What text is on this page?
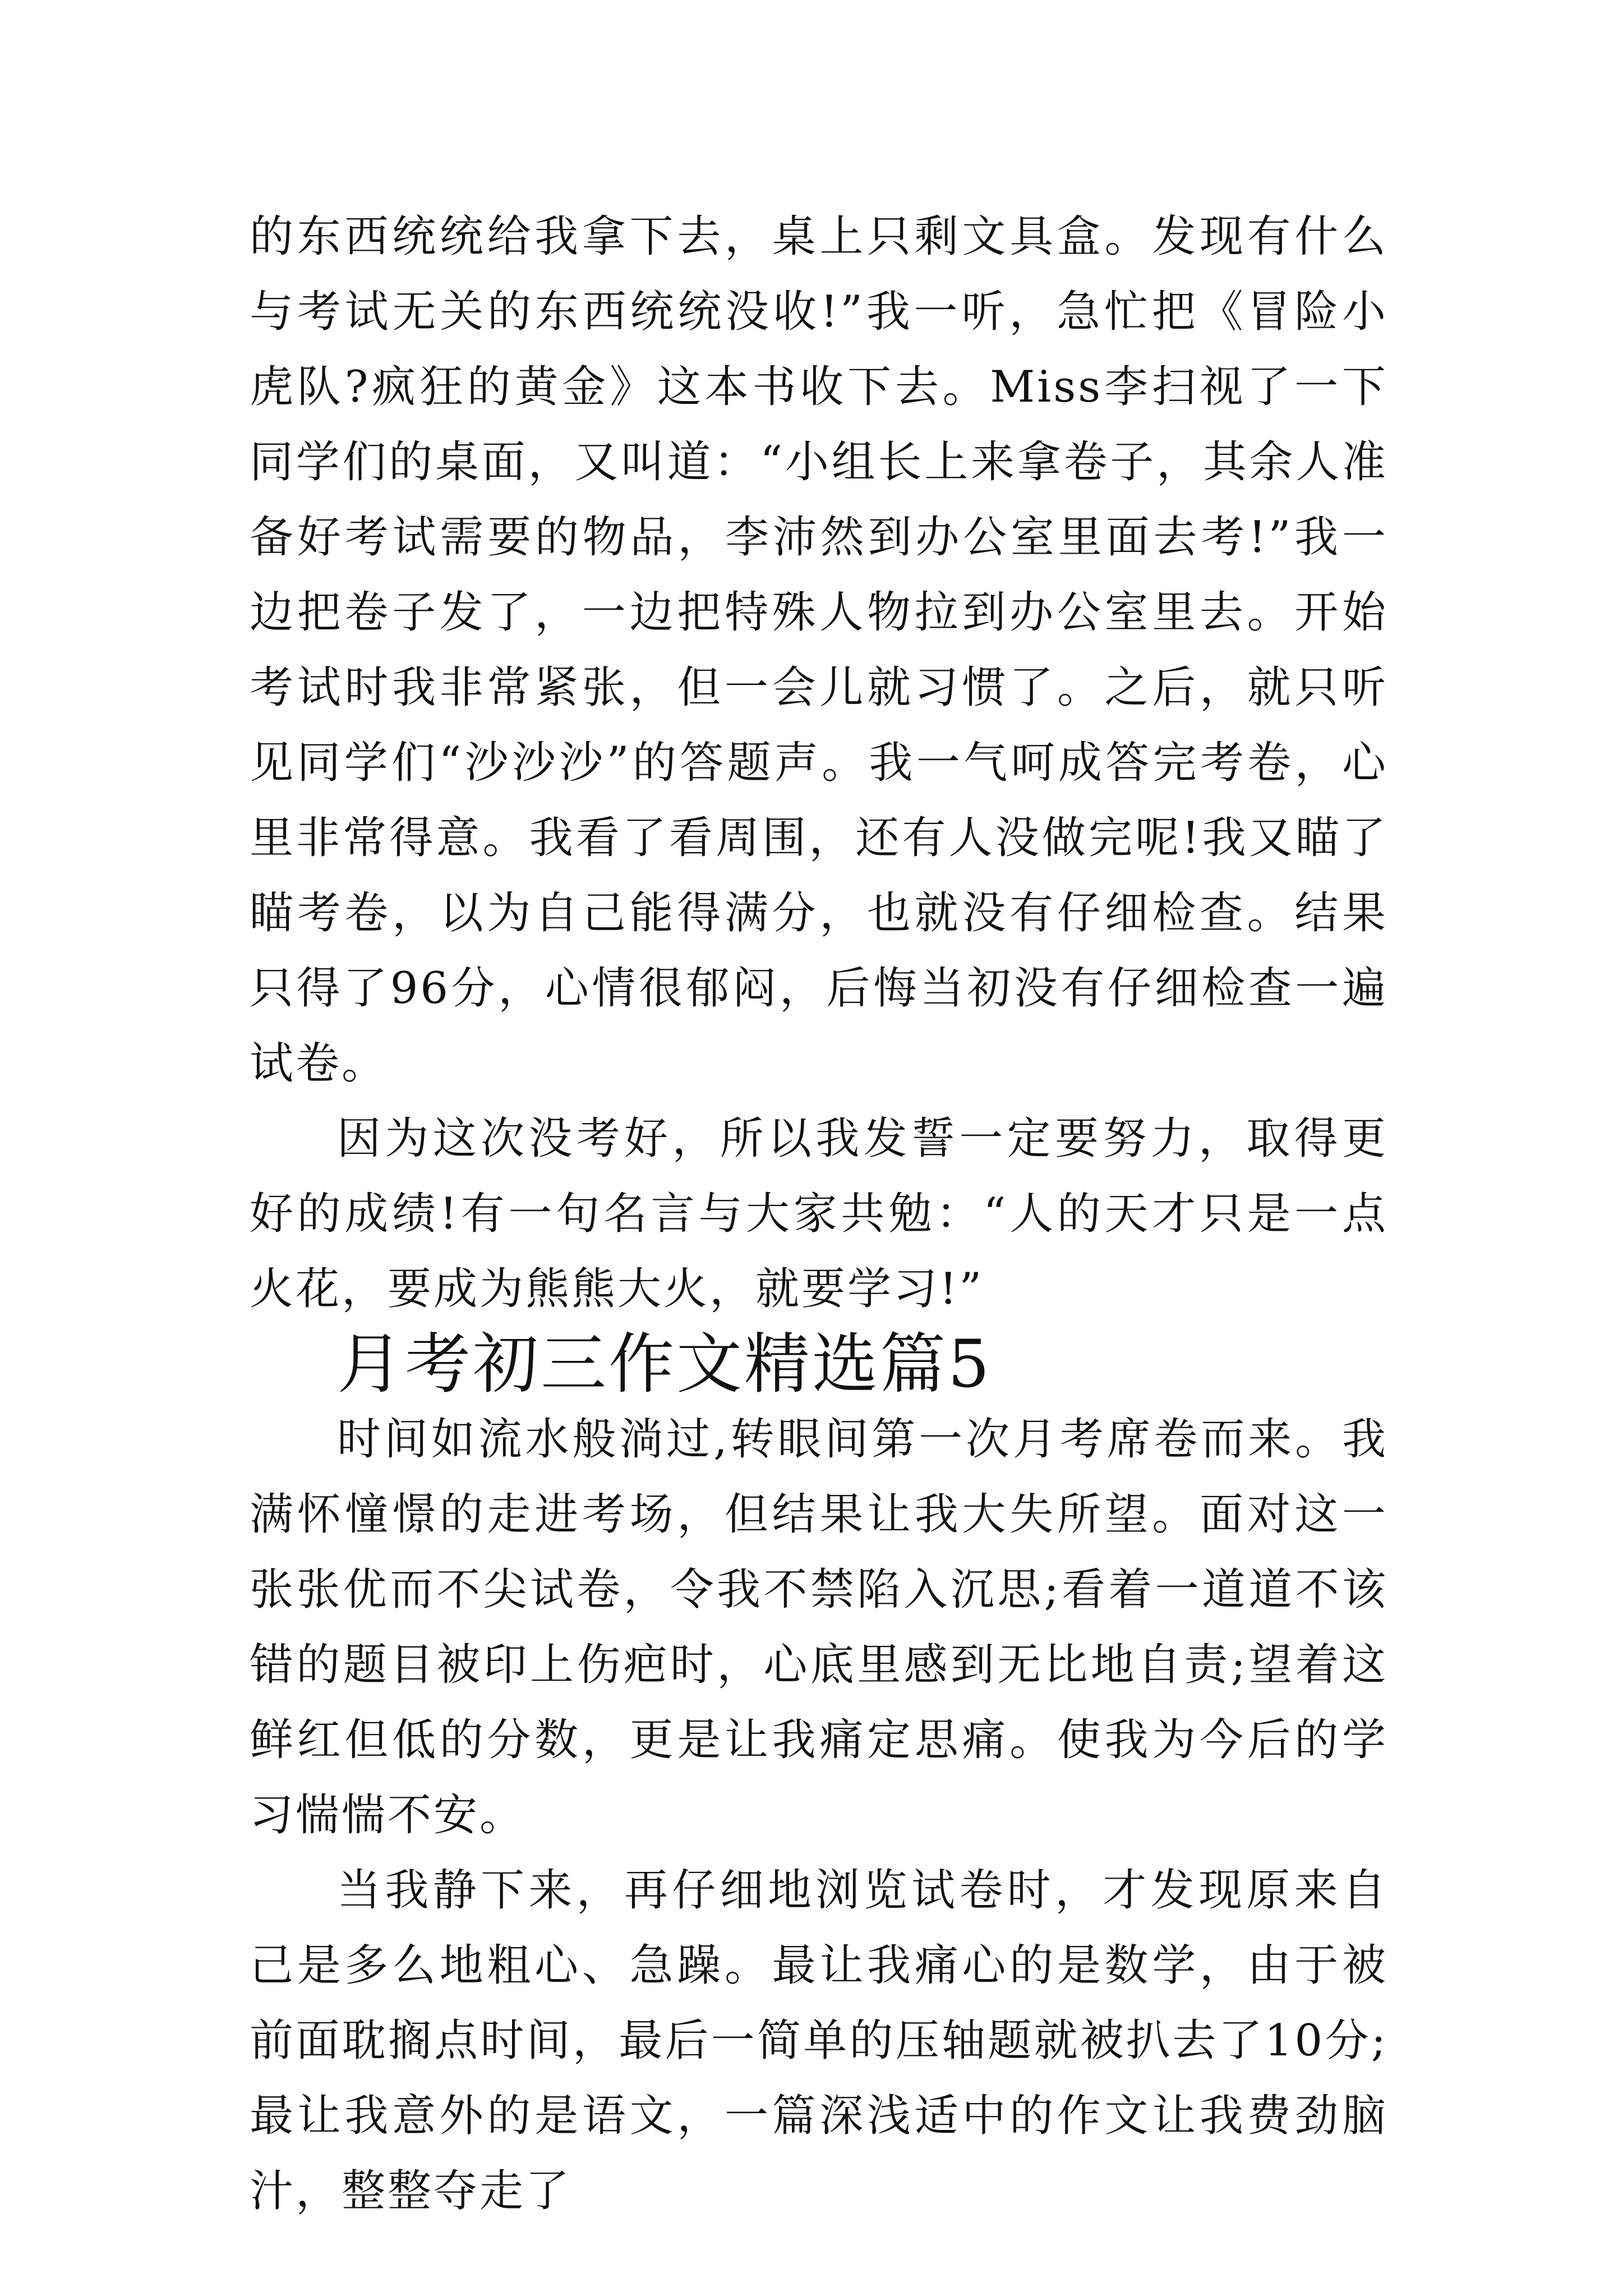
的东西统统给我拿下去，桌上只剩文具盒。发现有什么与考试无关的东西统统没收!”我一听，急忙把《冒险小虎队?疯狂的黄金》这本书收下去。Miss李扫视了一下同学们的桌面，又叫道：“小组长上来拿卷子，其余人准备好考试需要的物品，李沛然到办公室里面去考!”我一边把卷子发了，一边把特殊人物拉到办公室里去。开始考试时我非常紧张，但一会儿就习惯了。之后，就只听见同学们“沙沙沙”的答题声。我一气呵成答完考卷，心里非常得意。我看了看周围，还有人没做完呢!我又瞄了瞄考卷，以为自己能得满分，也就没有仔细检查。结果只得了96分，心情很郁闷，后悔当初没有仔细检查一遍试卷。

因为这次没考好，所以我发誓一定要努力，取得更好的成绩!有一句名言与大家共勉：“人的天才只是一点火花，要成为熊熊大火，就要学习!”

月考初三作文精选篇5

时间如流水般淌过,转眼间第一次月考席卷而来。我满怀憧憬的走进考场，但结果让我大失所望。面对这一张张优而不尖试卷，令我不禁陷入沉思;看着一道道不该错的题目被印上伤疤时，心底里感到无比地自责;望着这鲜红但低的分数，更是让我痛定思痛。使我为今后的学习惴惴不安。

当我静下来，再仔细地浏览试卷时，才发现原来自己是多么地粗心、急躁。最让我痛心的是数学，由于被前面耽搁点时间，最后一简单的压轴题就被扒去了10分;最让我意外的是语文，一篇深浅适中的作文让我费劲脑汁，整整夺走了
